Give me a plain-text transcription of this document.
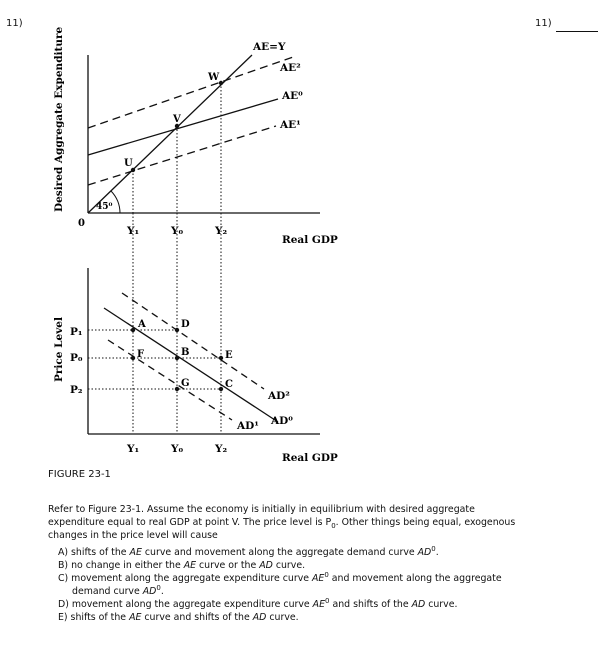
11)	11)
Desired Aggregate Expenditure
0
Real GDP
45⁰
U
V
W
AE=Y
AE²
AE⁰
AE¹
Y₁	Y₀	Y₂
Price Level
Real GDP
P₁
P₀
P₂
A	D
F	B	E
G	C
AD²
AD¹ AD⁰
Y₁	Y₀	Y₂
FIGURE 23-1
Refer to Figure 23-1. Assume the economy is initially in equilibrium with desired aggregate expenditure equal to real GDP at point V. The price level is $P_0$. Other things being equal, exogenous changes in the price level will cause
A) shifts of the AE curve and movement along the aggregate demand curve $AD^0$.
B) no change in either the AE curve or the AD curve.
C) movement along the aggregate expenditure curve $AE^0$ and movement along the aggregate
demand curve $AD^0$.
D) movement along the aggregate expenditure curve $AE^0$ and shifts of the AD curve.
E) shifts of the AE curve and shifts of the AD curve.
